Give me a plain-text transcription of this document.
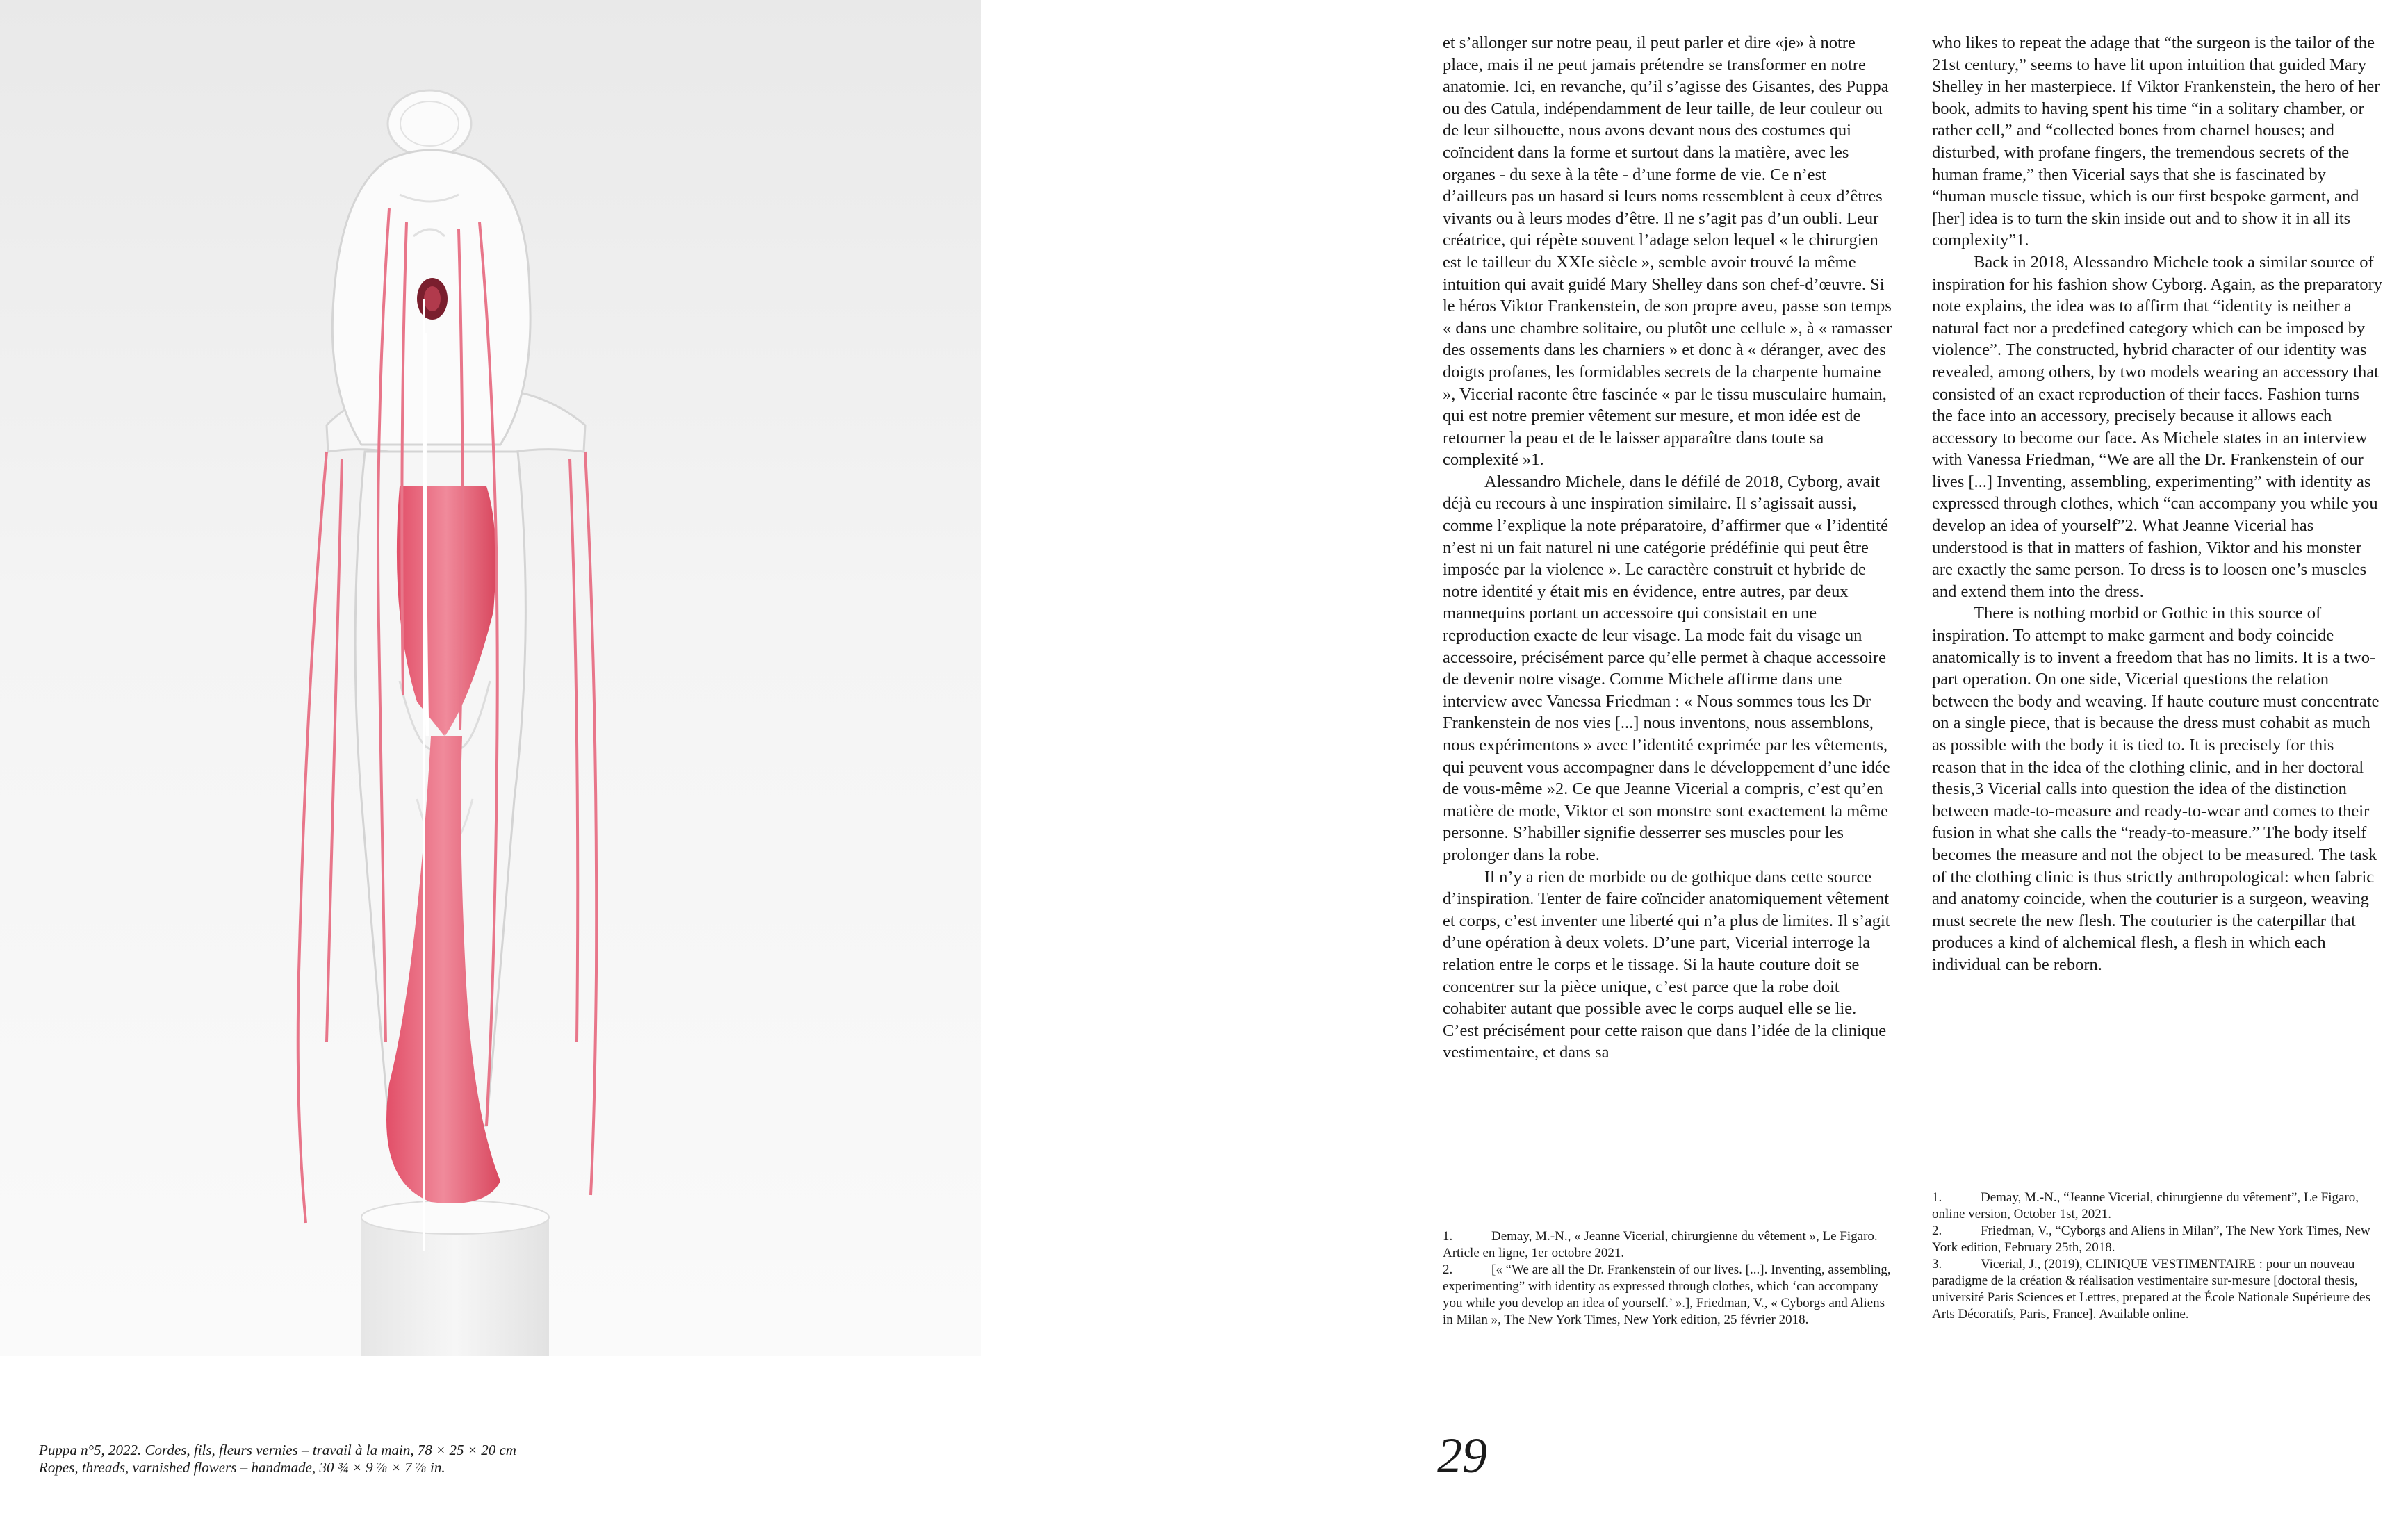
Puppa n°5, 2022. Cordes, fils, fleurs vernies – travail à la main, 78 × 25 × 20 cm
Ropes, threads, varnished flowers – handmade, 30 ¾ × 9 ⅞ × 7 ⅞ in.	29

et s’allonger sur notre peau, il peut parler et dire «je» à notre place, mais il ne peut jamais prétendre se transformer en notre anatomie. Ici, en revanche, qu’il s’agisse des Gisantes, des Puppa ou des Catula, indépendamment de leur taille, de leur couleur ou de leur silhouette, nous avons devant nous des costumes qui coïncident dans la forme et surtout dans la matière, avec les organes - du sexe à la tête - d’une forme de vie. Ce n’est d’ailleurs pas un hasard si leurs noms ressemblent à ceux d’êtres vivants ou à leurs modes d’être. Il ne s’agit pas d’un oubli. Leur créatrice, qui répète souvent l’adage selon lequel « le chirurgien est le tailleur du XXIe siècle », semble avoir trouvé la même intuition qui avait guidé Mary Shelley dans son chef-d’œuvre. Si le héros Viktor Frankenstein, de son propre aveu, passe son temps « dans une chambre solitaire, ou plutôt une cellule », à « ramasser des ossements dans les charniers » et donc à « déranger, avec des doigts profanes, les formidables secrets de la charpente humaine », Vicerial raconte être fascinée « par le tissu musculaire humain, qui est notre premier vêtement sur mesure, et mon idée est de retourner la peau et de le laisser apparaître dans toute sa complexité »1.

Alessandro Michele, dans le défilé de 2018, Cyborg, avait déjà eu recours à une inspiration similaire. Il s’agissait aussi, comme l’explique la note préparatoire, d’affirmer que « l’identité n’est ni un fait naturel ni une catégorie prédéfinie qui peut être imposée par la violence ». Le caractère construit et hybride de notre identité y était mis en évidence, entre autres, par deux mannequins portant un accessoire qui consistait en une reproduction exacte de leur visage. La mode fait du visage un accessoire, précisément parce qu’elle permet à chaque accessoire de devenir notre visage. Comme Michele affirme dans une interview avec Vanessa Friedman : « Nous sommes tous les Dr Frankenstein de nos vies [...] nous inventons, nous assemblons, nous expérimentons » avec l’identité exprimée par les vêtements, qui peuvent vous accompagner dans le développement d’une idée de vous-même »2. Ce que Jeanne Vicerial a compris, c’est qu’en matière de mode, Viktor et son monstre sont exactement la même personne. S’habiller signifie desserrer ses muscles pour les prolonger dans la robe.

Il n’y a rien de morbide ou de gothique dans cette source d’inspiration. Tenter de faire coïncider anatomiquement vêtement et corps, c’est inventer une liberté qui n’a plus de limites. Il s’agit d’une opération à deux volets. D’une part, Vicerial interroge la relation entre le corps et le tissage. Si la haute couture doit se concentrer sur la pièce unique, c’est parce que la robe doit cohabiter autant que possible avec le corps auquel elle se lie. C’est précisément pour cette raison que dans l’idée de la clinique vestimentaire, et dans sa

1.	Demay, M.-N., « Jeanne Vicerial, chirurgienne du vêtement », Le Figaro. Article en ligne, 1er octobre 2021.

2.	[« “We are all the Dr. Frankenstein of our lives. [...]. Inventing, assembling, experimenting” with identity as expressed through clothes, which ‘can accompany you while you develop an idea of yourself.’ ».], Friedman, V., « Cyborgs and Aliens in Milan », The New York Times, New York edition, 25 février 2018.

who likes to repeat the adage that “the surgeon is the tailor of the 21st century,” seems to have lit upon intuition that guided Mary Shelley in her masterpiece. If Viktor Frankenstein, the hero of her book, admits to having spent his time “in a solitary chamber, or rather cell,” and “collected bones from charnel houses; and disturbed, with profane fingers, the tremendous secrets of the human frame,” then Vicerial says that she is fascinated by “human muscle tissue, which is our first bespoke garment, and [her] idea is to turn the skin inside out and to show it in all its complexity”1.

Back in 2018, Alessandro Michele took a similar source of inspiration for his fashion show Cyborg. Again, as the preparatory note explains, the idea was to affirm that “identity is neither a natural fact nor a predefined category which can be imposed by violence”. The constructed, hybrid character of our identity was revealed, among others, by two models wearing an accessory that consisted of an exact reproduction of their faces. Fashion turns the face into an accessory, precisely because it allows each accessory to become our face. As Michele states in an interview with Vanessa Friedman, “We are all the Dr. Frankenstein of our lives [...] Inventing, assembling, experimenting” with identity as expressed through clothes, which “can accompany you while you develop an idea of yourself”2. What Jeanne Vicerial has understood is that in matters of fashion, Viktor and his monster are exactly the same person. To dress is to loosen one’s muscles and extend them into the dress.

There is nothing morbid or Gothic in this source of inspiration. To attempt to make garment and body coincide anatomically is to invent a freedom that has no limits. It is a two-part operation. On one side, Vicerial questions the relation between the body and weaving. If haute couture must concentrate on a single piece, that is because the dress must cohabit as much as possible with the body it is tied to. It is precisely for this reason that in the idea of the clothing clinic, and in her doctoral thesis,3 Vicerial calls into question the idea of the distinction between made-to-measure and ready-to-wear and comes to their fusion in what she calls the “ready-to-measure.” The body itself becomes the measure and not the object to be measured. The task of the clothing clinic is thus strictly anthropological: when fabric and anatomy coincide, when the couturier is a surgeon, weaving must secrete the new flesh. The couturier is the caterpillar that produces a kind of alchemical flesh, a flesh in which each individual can be reborn.

1.	Demay, M.-N., “Jeanne Vicerial, chirurgienne du vêtement”, Le Figaro, online version, October 1st, 2021.

2.	Friedman, V., “Cyborgs and Aliens in Milan”, The New York Times, New York edition, February 25th, 2018.

3.	Vicerial, J., (2019), CLINIQUE VESTIMENTAIRE : pour un nouveau paradigme de la création & réalisation vestimentaire sur-mesure [doctoral thesis, université Paris Sciences et Lettres, prepared at the École Nationale Supérieure des Arts Décoratifs, Paris, France]. Available online.
